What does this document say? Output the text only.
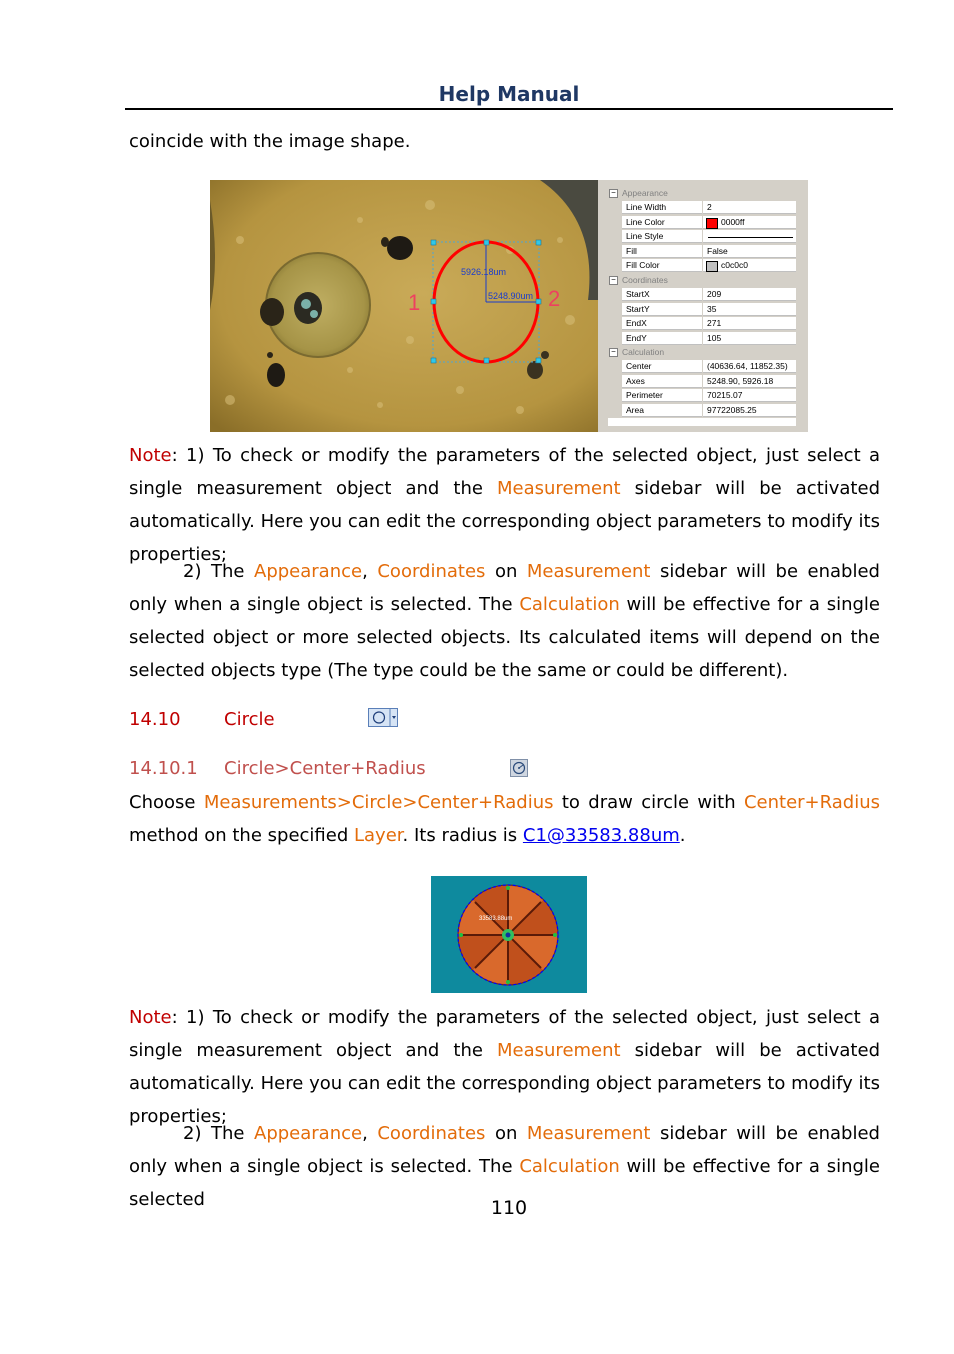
Help Manual
coincide with the image shape.
1	2
5926.18um
5248.90um
− Appearance
Line Width	2
Line Color	0000ff
Line Style
Fill	False
Fill Color	c0c0c0
− Coordinates
StartX	209
StartY	35
EndX	271
EndY	105
− Calculation
Center	(40636.64, 11852.35)
Axes	5248.90, 5926.18
Perimeter	70215.07
Area	97722085.25
Note: 1) To check or modify the parameters of the selected object, just select a single measurement object and the Measurement sidebar will be activated automatically. Here you can edit the corresponding object parameters to modify its properties;
2) The Appearance, Coordinates on Measurement sidebar will be enabled only when a single object is selected. The Calculation will be effective for a single selected object or more selected objects. Its calculated items will depend on the selected objects type (The type could be the same or could be different).
14.10 Circle
14.10.1 Circle>Center+Radius
Choose Measurements>Circle>Center+Radius to draw circle with Center+Radius method on the specified Layer. Its radius is C1@33583.88um.
33583.88um
Note: 1) To check or modify the parameters of the selected object, just select a single measurement object and the Measurement sidebar will be activated automatically. Here you can edit the corresponding object parameters to modify its properties;
2) The Appearance, Coordinates on Measurement sidebar will be enabled only when a single object is selected. The Calculation will be effective for a single selected	110
